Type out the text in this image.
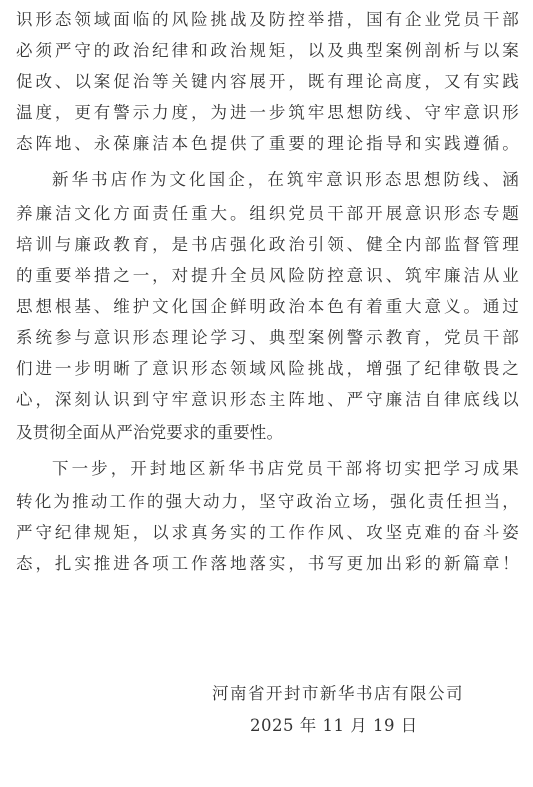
识形态领域面临的风险挑战及防控举措，国有企业党员干部
必须严守的政治纪律和政治规矩，以及典型案例剖析与以案
促改、以案促治等关键内容展开，既有理论高度，又有实践
温度，更有警示力度，为进一步筑牢思想防线、守牢意识形
态阵地、永葆廉洁本色提供了重要的理论指导和实践遵循。
新华书店作为文化国企，在筑牢意识形态思想防线、涵
养廉洁文化方面责任重大。组织党员干部开展意识形态专题
培训与廉政教育，是书店强化政治引领、健全内部监督管理
的重要举措之一，对提升全员风险防控意识、筑牢廉洁从业
思想根基、维护文化国企鲜明政治本色有着重大意义。通过
系统参与意识形态理论学习、典型案例警示教育，党员干部
们进一步明晰了意识形态领域风险挑战，增强了纪律敬畏之
心，深刻认识到守牢意识形态主阵地、严守廉洁自律底线以
及贯彻全面从严治党要求的重要性。
下一步，开封地区新华书店党员干部将切实把学习成果
转化为推动工作的强大动力，坚守政治立场，强化责任担当，
严守纪律规矩，以求真务实的工作作风、攻坚克难的奋斗姿
态，扎实推进各项工作落地落实，书写更加出彩的新篇章！
河南省开封市新华书店有限公司
2025 年 11 月 19 日
